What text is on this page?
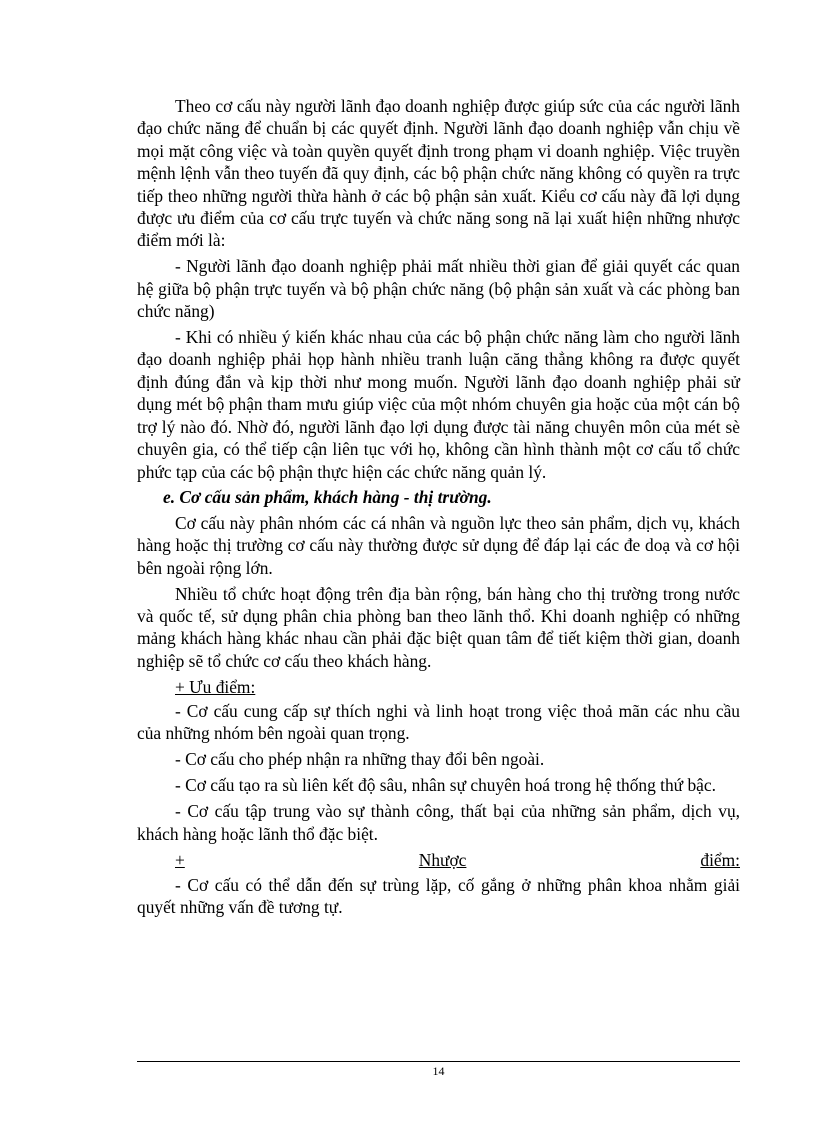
Theo cơ cấu này người lãnh đạo doanh nghiệp được giúp sức của các người lãnh đạo chức năng để chuẩn bị các quyết định. Người lãnh đạo doanh nghiệp vẫn chịu về mọi mặt công việc và toàn quyền quyết định trong phạm vi doanh nghiệp. Việc truyền mệnh lệnh vẫn theo tuyến đã quy định, các bộ phận chức năng không có quyền ra trực tiếp theo những người thừa hành ở các bộ phận sản xuất. Kiểu cơ cấu này đã lợi dụng được ưu điểm của cơ cấu trực tuyến và chức năng song nã lại xuất hiện những nhược điểm mới là:

- Người lãnh đạo doanh nghiệp phải mất nhiều thời gian để giải quyết các quan hệ giữa bộ phận trực tuyến và bộ phận chức năng (bộ phận sản xuất và các phòng ban chức năng)

- Khi có nhiều ý kiến khác nhau của các bộ phận chức năng làm cho người lãnh đạo doanh nghiệp phải họp hành nhiều tranh luận căng thẳng không ra được quyết định đúng đắn và kịp thời như mong muốn. Người lãnh đạo doanh nghiệp phải sử dụng mét bộ phận tham mưu giúp việc của một nhóm chuyên gia hoặc của một cán bộ trợ lý nào đó. Nhờ đó, người lãnh đạo lợi dụng được tài năng chuyên môn của mét sè chuyên gia, có thể tiếp cận liên tục với họ, không cần hình thành một cơ cấu tổ chức phức tạp của các bộ phận thực hiện các chức năng quản lý.

e. Cơ cấu sản phẩm, khách hàng - thị trường.

Cơ cấu này phân nhóm các cá nhân và nguồn lực theo sản phẩm, dịch vụ, khách hàng hoặc thị trường cơ cấu này thường được sử dụng để đáp lại các đe doạ và cơ hội bên ngoài rộng lớn.

Nhiều tổ chức hoạt động trên địa bàn rộng, bán hàng cho thị trường trong nước và quốc tế, sử dụng phân chia phòng ban theo lãnh thổ. Khi doanh nghiệp có những mảng khách hàng khác nhau cần phải đặc biệt quan tâm để tiết kiệm thời gian, doanh nghiệp sẽ tổ chức cơ cấu theo khách hàng.

+ Ưu điểm:

- Cơ cấu cung cấp sự thích nghi và linh hoạt trong việc thoả mãn các nhu cầu của những nhóm bên ngoài quan trọng.

- Cơ cấu cho phép nhận ra những thay đổi bên ngoài.

- Cơ cấu tạo ra sù liên kết độ sâu, nhân sự chuyên hoá trong hệ thống thứ bậc.

- Cơ cấu tập trung vào sự thành công, thất bại của những sản phẩm, dịch vụ, khách hàng hoặc lãnh thổ đặc biệt.

+	Nhược	điểm:

- Cơ cấu có thể dẫn đến sự trùng lặp, cố gắng ở những phân khoa nhằm giải quyết những vấn đề tương tự.

14
